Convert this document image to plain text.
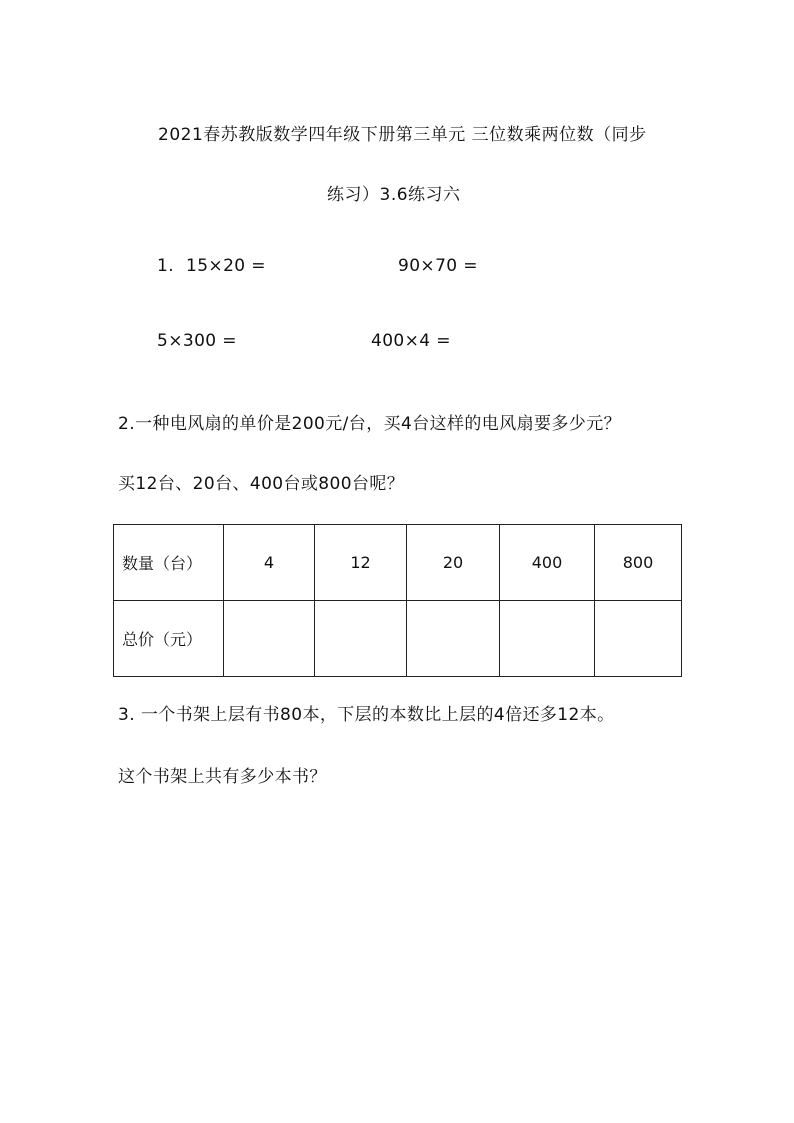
2021春苏教版数学四年级下册第三单元 三位数乘两位数（同步
练习）3.6练习六
1. 15×20 =	90×70 =
5×300 =	400×4 =
2.一种电风扇的单价是200元/台，买4台这样的电风扇要多少元？
买12台、20台、400台或800台呢？
数量（台）	4	12	20	400	800
总价（元）					
3. 一个书架上层有书80本，下层的本数比上层的4倍还多12本。
这个书架上共有多少本书？
